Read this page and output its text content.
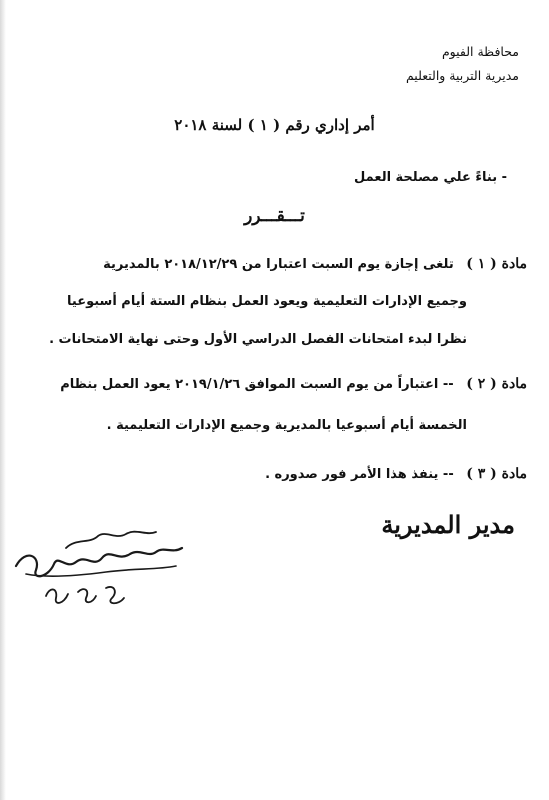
محافظة الفيوم
مديرية التربية والتعليم
أمر إداري رقم ( ١ ) لسنة ٢٠١٨
- بناءً علي مصلحة العمل
تـــقـــرر
مادة ( ١ ) تلغى إجازة يوم السبت اعتبارا من ٢٠١٨/١٢/٢٩ بالمديرية
وجميع الإدارات التعليمية ويعود العمل بنظام الستة أيام أسبوعيا
نظرا لبدء امتحانات الفصل الدراسي الأول وحتى نهاية الامتحانات .
مادة ( ٢ ) -- اعتباراً من يوم السبت الموافق ٢٠١٩/١/٢٦ يعود العمل بنظام
الخمسة أيام أسبوعيا بالمديرية وجميع الإدارات التعليمية .
مادة ( ٣ ) -- ينفذ هذا الأمر فور صدوره .
مدير المديرية
